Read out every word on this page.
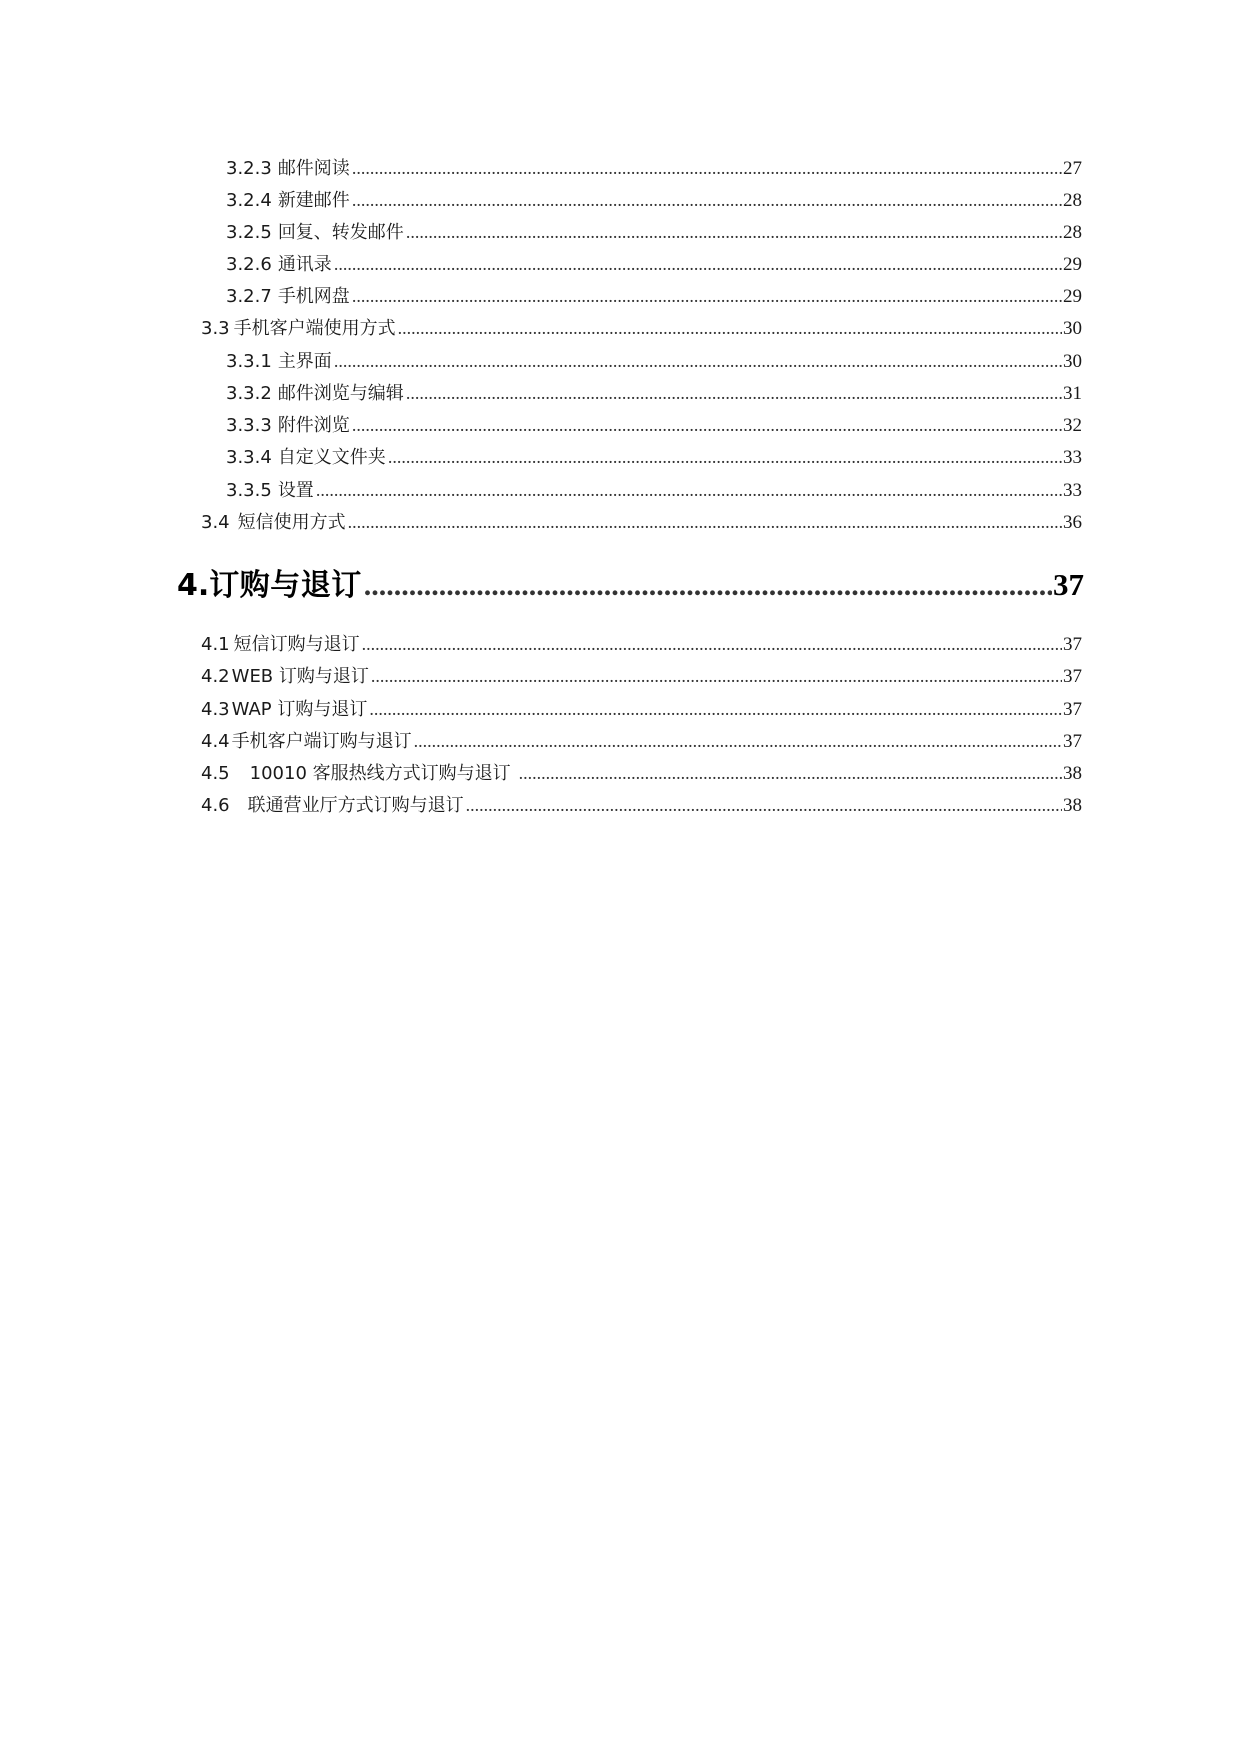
3.2.3 邮件阅读 .....	27
3.2.4 新建邮件 .....	28
3.2.5 回复、转发邮件 .....	28
3.2.6 通讯录 .....	29
3.2.7 手机网盘 .....	29
3.3 手机客户端使用方式 .....	30
3.3.1 主界面 .....	30
3.3.2 邮件浏览与编辑 .....	31
3.3.3 附件浏览 .....	32
3.3.4 自定义文件夹 .....	33
3.3.5 设置 .....	33
3.4 短信使用方式 .....	36
4. 订购与退订 .....	37
4.1 短信订购与退订 .....	37
4.2 WEB 订购与退订 .....	37
4.3 WAP 订购与退订 .....	37
4.4 手机客户端订购与退订 .....	37
4.5 10010 客服热线方式订购与退订 .....	38
4.6 联通营业厅方式订购与退订 .....	38
